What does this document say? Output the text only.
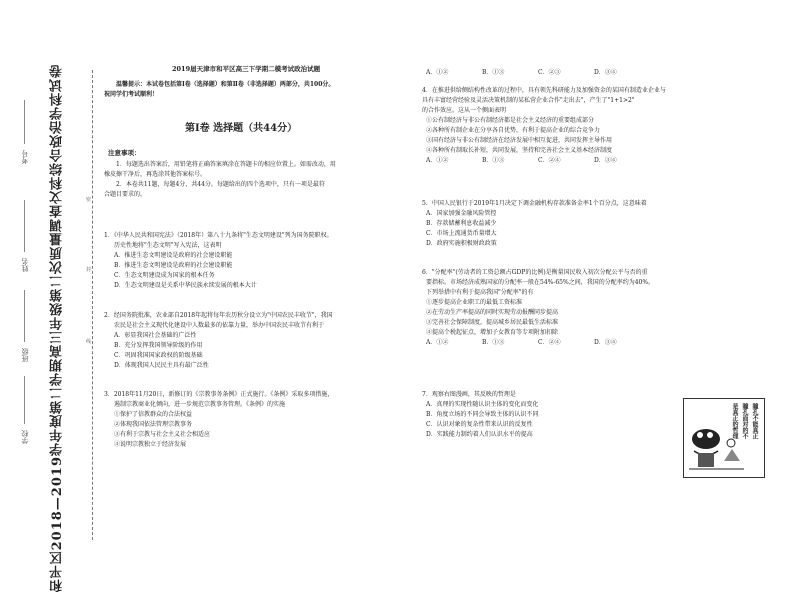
和平区2018—2019学年度第二学期高三年级第二次质量调查文科综合政治学科试卷
考号
姓名
班级
学校
密
封
线
2019届天津市和平区高三下学期二模考试政治试题
温馨提示：本试卷包括第Ⅰ卷（选择题）和第Ⅱ卷（非选择题）两部分，共100分。
祝同学们考试顺利！
第Ⅰ卷 选择题（共44分）
注意事项：
1．每题选出答案后，用铅笔将正确答案填涂在答题卡的相应位置上。如需改动，用
橡皮擦干净后，再选涂其他答案标号。
2．本卷共11题，每题4分，共44分。每题给出的四个选项中，只有一项是最符
合题目要求的。
1．《中华人民共和国宪法》（2018年）第八十九条将"生态文明建设"列为国务院职权。
历史性地将"生态文明"写入宪法，这表明
A．推进生态文明建设是政府的社会建设职能
B．推进生态文明建设是政府的社会建设职能
C．生态文明建设成为国家的根本任务
D．生态文明建设是关系中华民族永续发展的根本大计
2．经国务院批准，农业部自2018年起将每年农历秋分设立为"中国农民丰收节"，我国
农民是社会主义现代化建设中人数最多的依靠力量，举办中国农民丰收节有利于
A．彰显我国社会基础的广泛性
B．充分发挥我国领导阶级的作用
C．巩固我国国家政权的阶级基础
D．体现我国人民民主具有最广泛性
3．2018年11月20日，新修订的《宗教事务条例》正式施行。《条例》采取多项措施，
遏制宗教商业化倾向，进一步规范宗教事务管理。《条例》的实施
①保护了信教群众的合法权益
②体现我国依法管理宗教事务
③有利于宗教与社会主义社会相适应
④说明宗教独立于经济发展
A．①②	B．①③	C．②③	D．③④
4．在推进供给侧结构性改革的过程中，具有领先科研能力及加强资金的某国有制造业企业与
具有丰富经营经验及灵活决策机制的某私营企业合作"走出去"，产生了"1+1>2"
的合作效应。这从一个侧面表明
①公有制经济与非公有制经济都是社会主义经济的重要组成部分
②各种所有制企业在分享各自优势，有利于提高企业的综合竞争力
③国有经济与非公有制经济在经济发展中相互促进，共同发挥主导作用
④各种所有制取长补短，共同发展，坚持和完善社会主义基本经济制度
A．①②	B．①③	C．②④	D．③④
5．中国人民银行于2019年1月决定下调金融机构存款准备金率1个百分点，这意味着
A．国家加强金融风险管控
B．存款储蓄利息收益减少
C．市场上流通货币量增大
D．政府实施积极财政政策
6．"分配率"(劳动者的工资总额占GDP的比例)是衡量国民收入初次分配公平与否的重
要指标。市场经济成熟国家的分配率一般在54%-65%之间，我国的分配率约为40%。
下列举措中有利于提高我国"分配率"的有
①逐步提高企业职工的最低工资标准
②在劳动生产率提高的同时实现劳动报酬同步提高
③完善社会保障制度，提高城乡居民最低生活标准
④提高个税起征点，增加子女教育等专项附加扣除
A．①②	B．①③	C．②④	D．③④
7．观察右图漫画，其反映的哲理是
A．真理的实现性随认识主体的变化而变化
B．角度立场的不同会导致主体的认识不同
C．认识对象的复杂性带来认识的反复性
D．实践能力制约着人们认识水平的提高	瞳孔不能真正
瞳孔面对的不
是真正的哲理
